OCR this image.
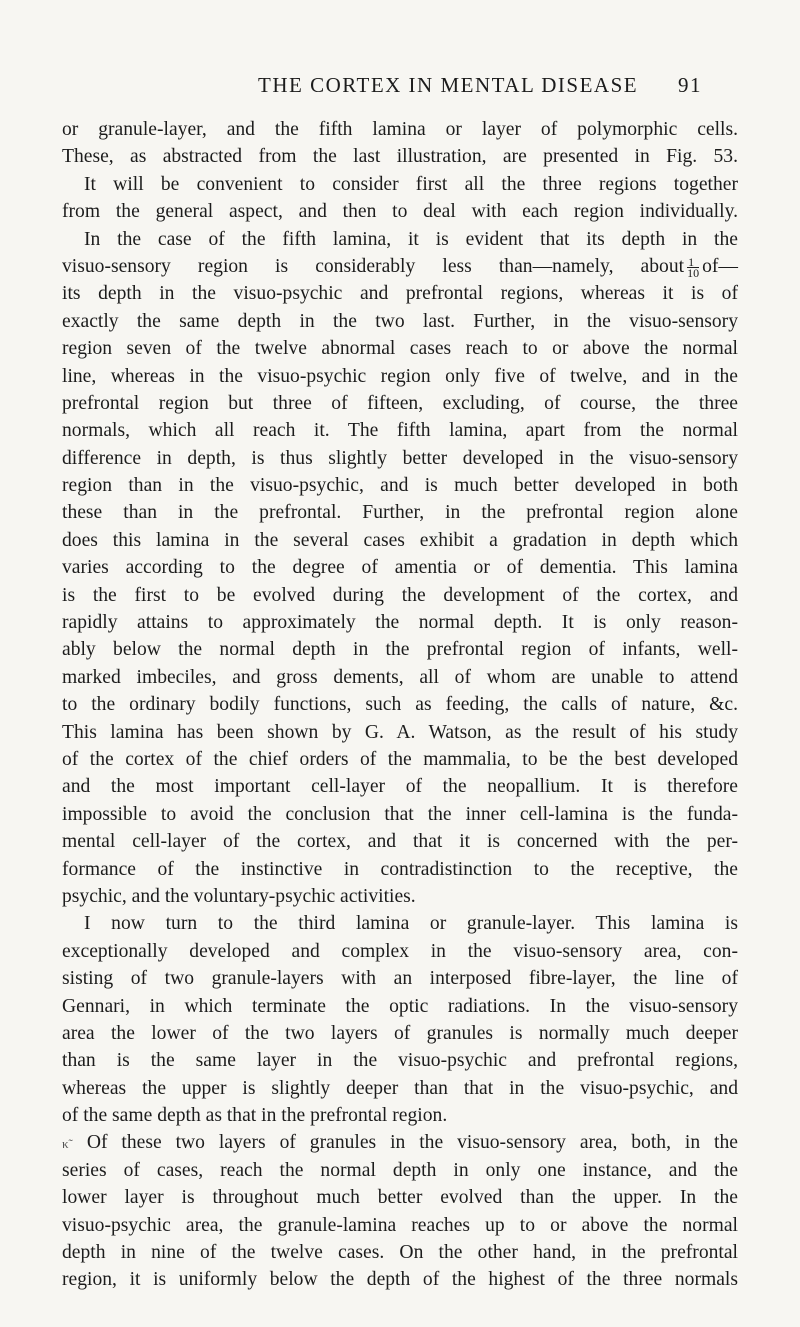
THE CORTEX IN MENTAL DISEASE 91
or granule-layer, and the fifth lamina or layer of polymorphic cells.
These, as abstracted from the last illustration, are presented in Fig. 53.
It will be convenient to consider first all the three regions together
from the general aspect, and then to deal with each region individually.
In the case of the fifth lamina, it is evident that its depth in the
visuo-sensory region is considerably less than—namely, about $\frac{1}{10}$ of—
its depth in the visuo-psychic and prefrontal regions, whereas it is of
exactly the same depth in the two last. Further, in the visuo-sensory
region seven of the twelve abnormal cases reach to or above the normal
line, whereas in the visuo-psychic region only five of twelve, and in the
prefrontal region but three of fifteen, excluding, of course, the three
normals, which all reach it. The fifth lamina, apart from the normal
difference in depth, is thus slightly better developed in the visuo-sensory
region than in the visuo-psychic, and is much better developed in both
these than in the prefrontal. Further, in the prefrontal region alone
does this lamina in the several cases exhibit a gradation in depth which
varies according to the degree of amentia or of dementia. This lamina
is the first to be evolved during the development of the cortex, and
rapidly attains to approximately the normal depth. It is only reason-
ably below the normal depth in the prefrontal region of infants, well-
marked imbeciles, and gross dements, all of whom are unable to attend
to the ordinary bodily functions, such as feeding, the calls of nature, &c.
This lamina has been shown by G. A. Watson, as the result of his study
of the cortex of the chief orders of the mammalia, to be the best developed
and the most important cell-layer of the neopallium. It is therefore
impossible to avoid the conclusion that the inner cell-lamina is the funda-
mental cell-layer of the cortex, and that it is concerned with the per-
formance of the instinctive in contradistinction to the receptive, the
psychic, and the voluntary-psychic activities.
I now turn to the third lamina or granule-layer. This lamina is
exceptionally developed and complex in the visuo-sensory area, con-
sisting of two granule-layers with an interposed fibre-layer, the line of
Gennari, in which terminate the optic radiations. In the visuo-sensory
area the lower of the two layers of granules is normally much deeper
than is the same layer in the visuo-psychic and prefrontal regions,
whereas the upper is slightly deeper than that in the visuo-psychic, and
of the same depth as that in the prefrontal region.
κ˜ Of these two layers of granules in the visuo-sensory area, both, in the
series of cases, reach the normal depth in only one instance, and the
lower layer is throughout much better evolved than the upper. In the
visuo-psychic area, the granule-lamina reaches up to or above the normal
depth in nine of the twelve cases. On the other hand, in the prefrontal
region, it is uniformly below the depth of the highest of the three normals
